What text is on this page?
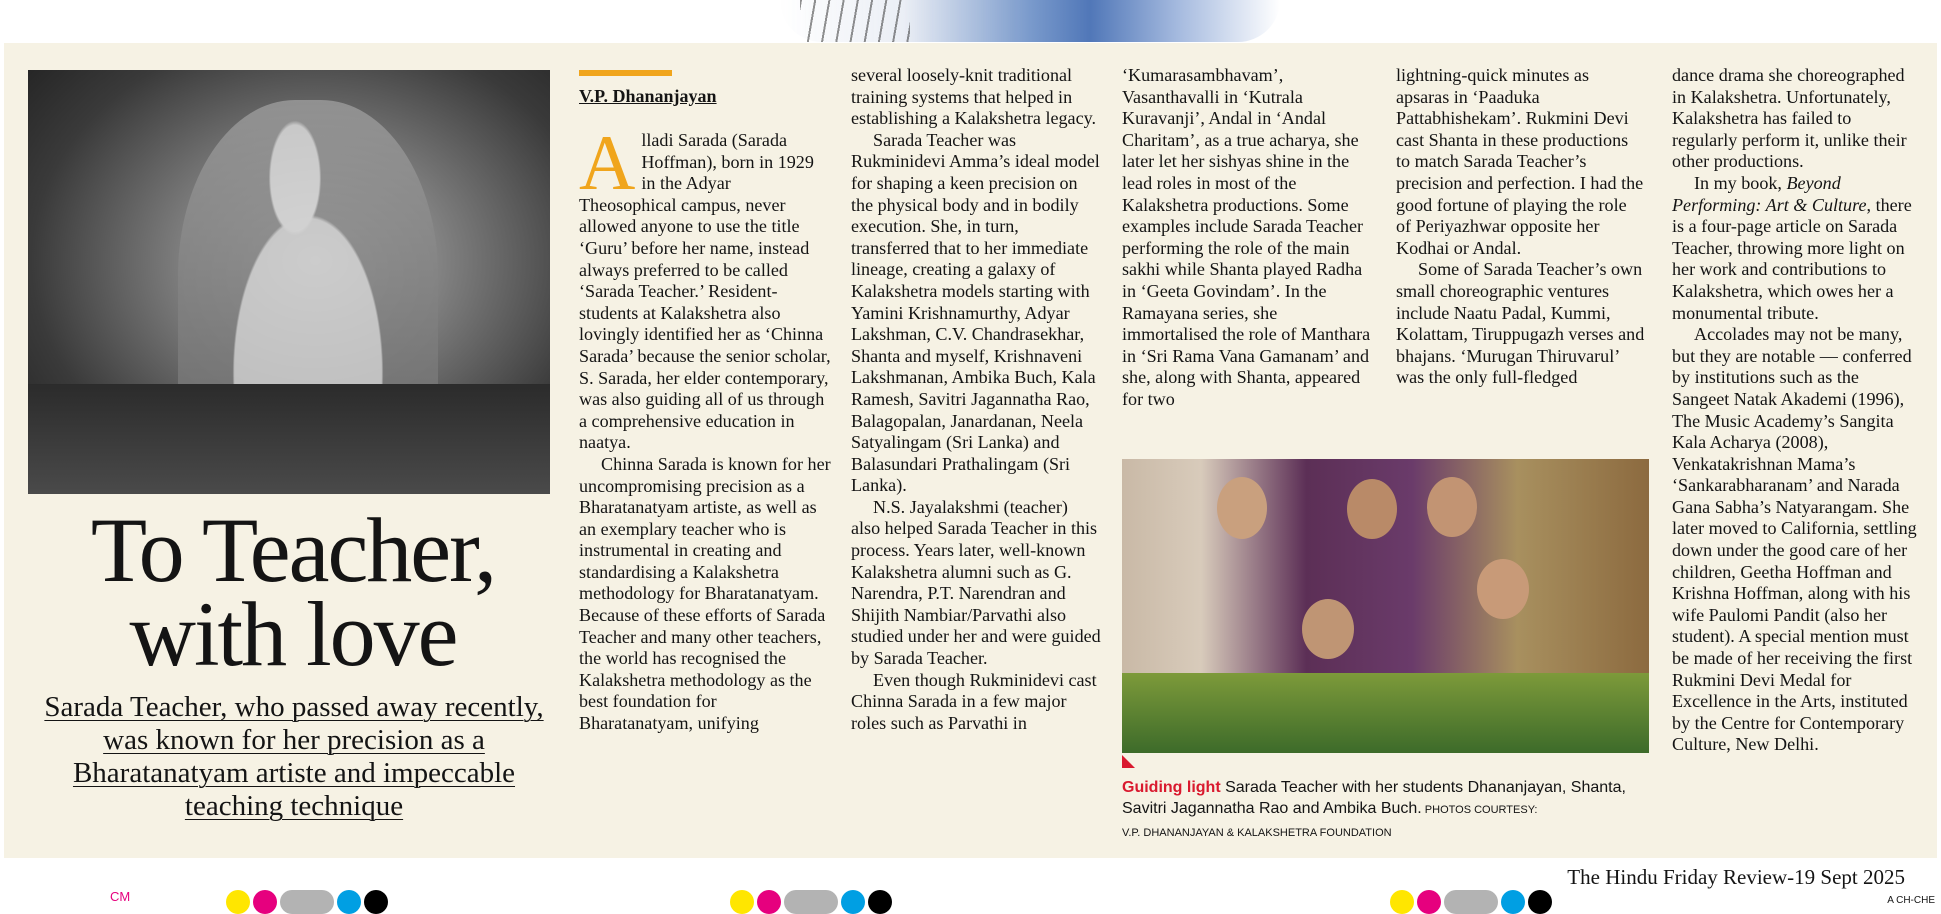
To Teacher, with love
Sarada Teacher, who passed away recently, was known for her precision as a Bharatanatyam artiste and impeccable teaching technique
V.P. Dhananjayan

Alladi Sarada (Sarada Hoffman), born in 1929 in the Adyar Theosophical campus, never allowed anyone to use the title ‘Guru’ before her name, instead always preferred to be called ‘Sarada Teacher.’ Resident-students at Kalakshetra also lovingly identified her as ‘Chinna Sarada’ because the senior scholar, S. Sarada, her elder contemporary, was also guiding all of us through a comprehensive education in naatya.

Chinna Sarada is known for her uncompromising precision as a Bharatanatyam artiste, as well as an exemplary teacher who is instrumental in creating and standardising a Kalakshetra methodology for Bharatanatyam. Because of these efforts of Sarada Teacher and many other teachers, the world has recognised the Kalakshetra methodology as the best foundation for Bharatanatyam, unifying

several loosely-knit traditional training systems that helped in establishing a Kalakshetra legacy.

Sarada Teacher was Rukminidevi Amma’s ideal model for shaping a keen precision on the physical body and in bodily execution. She, in turn, transferred that to her immediate lineage, creating a galaxy of Kalakshetra models starting with Yamini Krishnamurthy, Adyar Lakshman, C.V. Chandrasekhar, Shanta and myself, Krishnaveni Lakshmanan, Ambika Buch, Kala Ramesh, Savitri Jagannatha Rao, Balagopalan, Janardanan, Neela Satyalingam (Sri Lanka) and Balasundari Prathalingam (Sri Lanka).

N.S. Jayalakshmi (teacher) also helped Sarada Teacher in this process. Years later, well-known Kalakshetra alumni such as G. Narendra, P.T. Narendran and Shijith Nambiar/Parvathi also studied under her and were guided by Sarada Teacher.

Even though Rukminidevi cast Chinna Sarada in a few major roles such as Parvathi in

‘Kumarasambhavam’, Vasanthavalli in ‘Kutrala Kuravanji’, Andal in ‘Andal Charitam’, as a true acharya, she later let her sishyas shine in the lead roles in most of the Kalakshetra productions. Some examples include Sarada Teacher performing the role of the main sakhi while Shanta played Radha in ‘Geeta Govindam’. In the Ramayana series, she immortalised the role of Manthara in ‘Sri Rama Vana Gamanam’ and she, along with Shanta, appeared for two

lightning-quick minutes as apsaras in ‘Paaduka Pattabhishekam’. Rukmini Devi cast Shanta in these productions to match Sarada Teacher’s precision and perfection. I had the good fortune of playing the role of Periyazhwar opposite her Kodhai or Andal.

Some of Sarada Teacher’s own small choreographic ventures include Naatu Padal, Kummi, Kolattam, Tiruppugazh verses and bhajans. ‘Murugan Thiruvarul’ was the only full-fledged

Guiding light Sarada Teacher with her students Dhananjayan, Shanta, Savitri Jagannatha Rao and Ambika Buch. PHOTOS COURTESY:
V.P. DHANANJAYAN & KALAKSHETRA FOUNDATION

dance drama she choreographed in Kalakshetra. Unfortunately, Kalakshetra has failed to regularly perform it, unlike their other productions.

In my book, Beyond Performing: Art & Culture, there is a four-page article on Sarada Teacher, throwing more light on her work and contributions to Kalakshetra, which owes her a monumental tribute.

Accolades may not be many, but they are notable — conferred by institutions such as the Sangeet Natak Akademi (1996), The Music Academy’s Sangita Kala Acharya (2008), Venkatakrishnan Mama’s ‘Sankarabharanam’ and Narada Gana Sabha’s Natyarangam. She later moved to California, settling down under the good care of her children, Geetha Hoffman and Krishna Hoffman, along with his wife Paulomi Pandit (also her student). A special mention must be made of her receiving the first Rukmini Devi Medal for Excellence in the Arts, instituted by the Centre for Contemporary Culture, New Delhi.

The Hindu Friday Review-19 Sept 2025
CM	A CH-CHE
